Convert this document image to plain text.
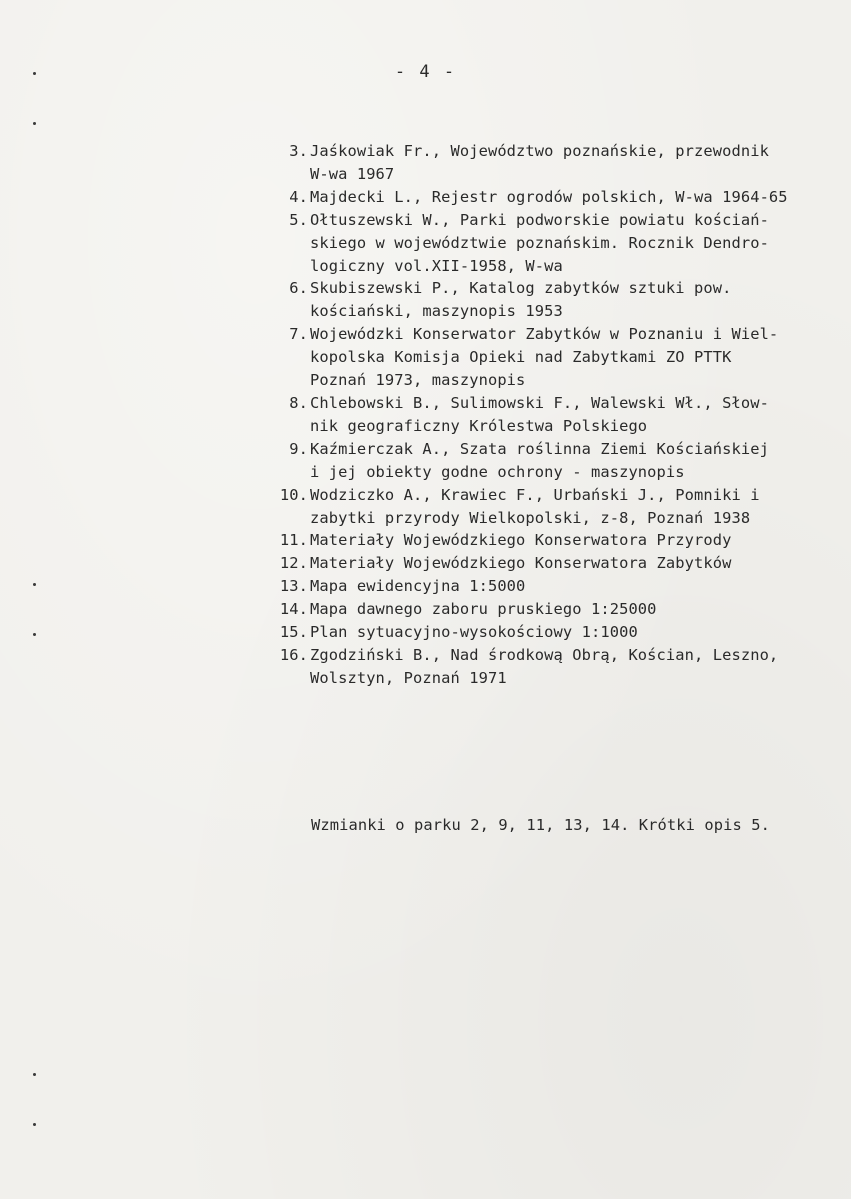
- 4 -
3. Jaśkowiak Fr., Województwo poznańskie, przewodnik
W-wa 1967
4. Majdecki L., Rejestr ogrodów polskich, W-wa 1964-65
5. Ołtuszewski W., Parki podworskie powiatu kościań-
skiego w województwie poznańskim. Rocznik Dendro-
logiczny vol.XII-1958, W-wa
6. Skubiszewski P., Katalog zabytków sztuki pow.
kościański, maszynopis 1953
7. Wojewódzki Konserwator Zabytków w Poznaniu i Wiel-
kopolska Komisja Opieki nad Zabytkami ZO PTTK
Poznań 1973, maszynopis
8. Chlebowski B., Sulimowski F., Walewski Wł., Słow-
nik geograficzny Królestwa Polskiego
9. Kaźmierczak A., Szata roślinna Ziemi Kościańskiej
i jej obiekty godne ochrony - maszynopis
10. Wodziczko A., Krawiec F., Urbański J., Pomniki i
zabytki przyrody Wielkopolski, z-8, Poznań 1938
11. Materiały Wojewódzkiego Konserwatora Przyrody
12. Materiały Wojewódzkiego Konserwatora Zabytków
13. Mapa ewidencyjna 1:5000
14. Mapa dawnego zaboru pruskiego 1:25000
15. Plan sytuacyjno-wysokościowy 1:1000
16. Zgodziński B., Nad środkową Obrą, Kościan, Leszno,
Wolsztyn, Poznań 1971
Wzmianki o parku 2, 9, 11, 13, 14. Krótki opis 5.
